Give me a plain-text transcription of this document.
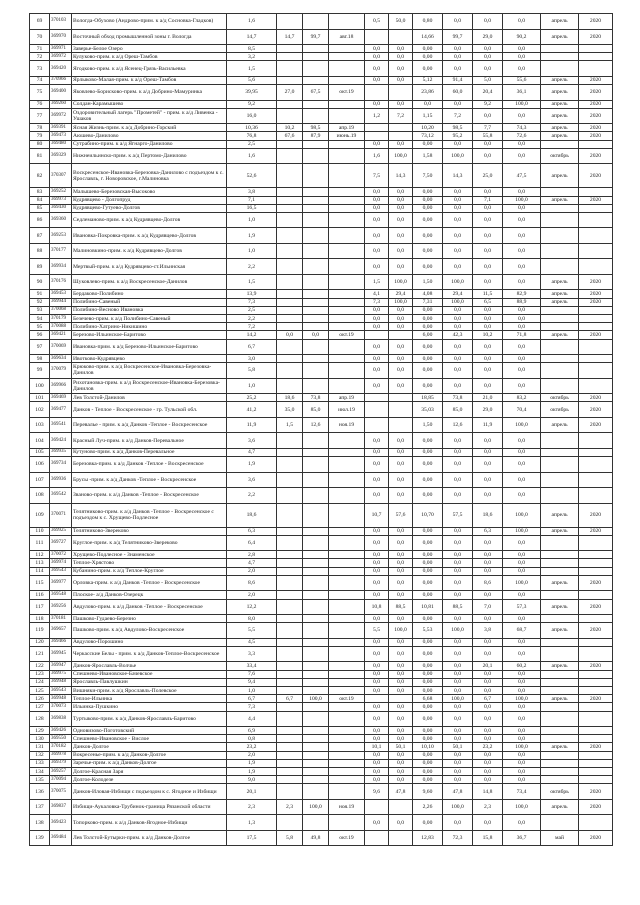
69	370103	Вологда-Обухово (Андрово-прим. к а/д Сосновка-Гладков)	1,6				0,5	50,0	0,80	0,0	0,0	0,0	апрель	2020
70	369970	Восточный обход промышленной зоны г. Вологда	14,7	14,7	99,7	авг.18			14,66	99,7	29,0	90,2	апрель	2020
71	369971	Заверье-Белое Озеро	8,5				0,0	0,0	0,00	0,0	0,0	0,0		
72	369972	Кулуково-прим. к а/д Ореш-Тамбов	3,2				0,0	0,0	0,00	0,0	0,0	0,0		
73	369420	Ягодково-прим. к а/д Ясенец-Грязь-Васильевка	1,5				0,0	0,0	0,00	0,0	0,0	0,0		
74	370966	Ярлыково-Малая-прим. к а/д Ореш-Тамбов	5,6				0,0	0,0	5,12	91,4	5,0	55,6	апрель	2020
75	369400	Яковлево-Борисково-прим. к а/д Добрино-Мамуринка	39,95	27,0	67,5	окт.19			23,86	60,0	20,4	36,1	апрель	2020
76	369260	Солдан-Карамышево	9,2				0,0	0,0	0,0	0,0	9,2	100,0	апрель	2020
77	369972	Оздоровительный лагерь "Прометей" - прим. к а/д Ливенка - Ушаков	16,0				1,2	7,2	1,15	7,2	0,0	0,0	апрель	2020
78	369391	Ясная Жизнь-прим. к а/д Добрино-Горский	10,36	10,2	98,5	апр.19			10,20	98,5	7,7	74,3	апрель	2020
79	369473	Аюшево-Данилово	76,8	67,6	87,9	июнь.19			73,12	95,2	55,8	72,6	апрель	2020
80	369480	Сутрабино-прим. к а/д Ягнарго-Данилово	2,5				0,0	0,0	0,00	0,0	0,0	0,0		
81	369329	Нижнеильинско-прим. к а/д Пертомо-Данилово	1,6				1,6	100,0	1,58	100,0	0,0	0,0	октябрь	2020
82	370307	Воскресенское-Ивановка-Березовка-Данилово с подъездом к с. Ярославль, г. Новоровское, г.Малиновка	52,6				7,5	14,3	7,50	14,3	25,0	47,5	апрель	2020
83	369252	Малышево-Березовская-Высоково	3,8				0,0	0,0	0,00	0,0	0,0	0,0		
84	369973	Кудрявцево - Долгопруд	7,1				0,0	0,0	0,00	0,0	7,1	100,0	апрель	2020
85	369430	Кудрявцево-Гутуево-Долгов	16,5				0,0	0,0	0,00	0,0	0,0	0,0		
86	369360	Седлеманово-прим. к а/д Кудрявцево-Долгов	1,0				0,0	0,0	0,00	0,0	0,0	0,0		
87	369253	Ивановка-Покровка-прим. к а/д Кудрявцево-Долгов	1,9				0,0	0,0	0,00	0,0	0,0	0,0		
88	370177	Малиновкино-прим. к а/д Кудрявцево-Долгов	1,0				0,0	0,0	0,00	0,0	0,0	0,0		
89	369934	Мертвый-прим. к а/д Кудрявцево-ст.Ильинская	2,2				0,0	0,0	0,00	0,0	0,0	0,0		
90	370176	Шуковлево-прим. к а/д Воскресенское-Данилов	1,5				1,5	100,0	1,50	100,0	0,0	0,0	апрель	2020
91	369453	Бердаково-Полибино	13,9				4,1	29,4	4,08	29,4	11,5	82,9	апрель	2020
92	369944	Полибино-Савеный	7,3				7,3	100,0	7,31	100,0	6,5	88,9	апрель	2020
93	370068	Полибино-Весново Ивановка	2,5				0,0	0,0	0,00	0,0	0,0	0,0		
94	370179	Безечево-прим. к а/д Полибино-Савеный	2,2				0,0	0,0	0,00	0,0	0,0	0,0		
95	370088	Полибино-Хатрино-Никишино	7,2				0,0	0,0	0,00	0,0	0,0	0,0		
96	369421	Березово-Ильинское-Баритово	14,2	0,0	0,0	окт.19			6,00	42,3	10,2	71,8	апрель	2020
97	370069	Ивановка-прим. к а/д Березово-Ильинское-Баритово	6,7				0,0	0,0	0,00	0,0	0,0	0,0		
98	369634	Ивотково-Кудрявцево	3,0				0,0	0,0	0,00	0,0	0,0	0,0		
99	370079	Крюково-прим. к а/д Воскресенское-Ивановка-Березовка-Данилов	5,8				0,0	0,0	0,00	0,0	0,0	0,0		
100	369966	Рихотановка-прим. к а/д Воскресенское-Ивановка-Березовка-Данилов	1,0				0,0	0,0	0,00	0,0	0,0	0,0		
101	369469	Лев Толстой-Данилов	25,2	18,6	73,8	апр.19			18,85	73,8	21,0	83,2	октябрь	2020
102	369477	Данков - Теплое - Воскресенское - гр. Тульской обл.	41,2	35,0	85,0	июл.19			35,03	85,0	29,0	70,4	октябрь	2020
103	369541	Перевалье - прим. к а/д Данков -Теплое - Воскресенское	11,9	1,5	12,6	ноя.19			1,50	12,6	11,9	100,0	апрель	2020
104	369424	Красный Луч-прим. к а/д Данков-Перевальное	3,6				0,0	0,0	0,00	0,0	0,0	0,0		
105	369935	Кутуново-прим. к а/д Данков-Перевальное	4,7				0,0	0,0	0,00	0,0	0,0	0,0		
106	369734	Березовка-прим. к а/д Данков -Теплое - Воскресенское	1,9				0,0	0,0	0,00	0,0	0,0	0,0		
107	369936	Брусы -прим. к а/д Данков -Теплое - Воскресенское	3,6				0,0	0,0	0,00	0,0	0,0	0,0		
108	369542	Званово-прим. к а/д Данков -Теплое - Воскресенское	2,2				0,0	0,0	0,00	0,0	0,0	0,0		
109	370071	Телятниково-прим. к а/д Данков -Теплое - Воскресенское с подъездом к с. Хрущево-Подлесное	18,6				10,7	57,6	10,70	57,5	18,6	100,0	апрель	2020
110	369925	Телятниково-Звереково	6,3				0,0	0,0	0,00	0,0	6,3	100,0	апрель	2020
111	369727	Круглое-прим. к а/д Телятниково-Звереково	6,4				0,0	0,0	0,00	0,0	0,0	0,0		
112	370072	Хрущево-Подлесное - Знаменское	2,8				0,0	0,0	0,00	0,0	0,0	0,0		
113	369974	Теплое-Хрястово	4,7				0,0	0,0	0,00	0,0	0,0	0,0		
114	369543	Кубанино-прим. к а/д Теплое-Круглое	2,0				0,0	0,0	0,00	0,0	0,0	0,0		
115	369977	Орловка-прим. к а/д Данков -Теплое - Воскресенское	8,6				0,0	0,0	0,00	0,0	8,6	100,0	апрель	2020
116	369548	Плоское- а/д Данков-Озерецк	2,0				0,0	0,0	0,00	0,0	0,0	0,0		
117	369256	Авдулово-прим. к а/д Данков -Теплое - Воскресенское	12,2				10,8	88,5	10,81	88,5	7,0	57,3	апрель	2020
118	370181	Пашково-Гудаево-Березно	8,0				0,0	0,0	0,00	0,0	0,0	0,0		
119	369657	Пашково-прим. к а/д Авдулово-Воскресенское	5,5				5,5	100,0	5,53	100,0	3,8	68,7	апрель	2020
120	369466	Авдулово-Порошино	4,5				0,0	0,0	0,00	0,0	0,0	0,0		
121	369945	Черкасские Белы - прим. к а/д Данков-Теплое-Воскресенское	3,3				0,0	0,0	0,00	0,0	0,0	0,0		
122	369947	Данков-Ярославль-Волчье	33,4				0,0	0,0	0,00	0,0	20,1	60,2	апрель	2020
123	369975	Спешнево-Ивановское-Бачевское	7,6				0,0	0,0	0,00	0,0	0,0	0,0		
124	369948	Ярославль-Павлушкин	9,4				0,0	0,0	0,00	0,0	0,0	0,0		
125	369543	Вишняки-прим. к а/д Ярославль-Полевское	1,0				0,0	0,0	0,00	0,0	0,0	0,0		
126	369948	Теплое-Ильинка	6,7	6,7	100,0	окт.19			6,68	100,0	6,7	100,0	апрель	2020
127	370073	Ильинка-Пушкино	7,3				0,0	0,0	0,00	0,0	0,0	0,0		
128	369838	Туртыково-прим. к а/д Данков-Ярославль-Баритово	4,4				0,0	0,0	0,00	0,0	0,0	0,0		
129	369426	Одновизово-Поготовский	6,9				0,0	0,0	0,00	0,0	0,0	0,0		
130	369550	Спешнево-Ивановское - Вислое	0,8				0,0	0,0	0,00	0,0	0,0	0,0		
131	370182	Данков-Долгое	23,2				10,1	50,1	10,10	50,1	23,2	100,0	апрель	2020
132	369978	Вокресенье-прим. к а/д Данков-Долгое	2,0				0,0	0,0	0,00	0,0	0,0	0,0		
133	369379	Заречье-прим. к а/д Данков-Долгое	1,9				0,0	0,0	0,00	0,0	0,0	0,0		
134	369257	Долгое-Красная Заря	1,9				0,0	0,0	0,00	0,0	0,0	0,0		
135	370094	Долгое-Колодезе	9,0				0,0	0,0	0,00	0,0	0,0	0,0		
136	370075	Данков-Иловая-Избищи с подъездом к с. Ягодное и Избищи	20,1				9,6	47,8	9,60	47,8	14,8	73,4	октябрь	2020
137	369837	Избищи-Аукаловка-Трубинок-граница Рязанской области	2,3	2,3	100,0	ноя.19			2,26	100,0	2,3	100,0	апрель	2020
138	369423	Топорково-прим. к а/д Данков-Ягодное-Избищи	1,3				0,0	0,0	0,00	0,0	0,0	0,0		
139	369484	Лев Толстой-Бутырки-прим. к а/д Данков-Долгое	17,5	5,8	49,8	окт.19			12,83	72,3	15,8	36,7	май	2020
